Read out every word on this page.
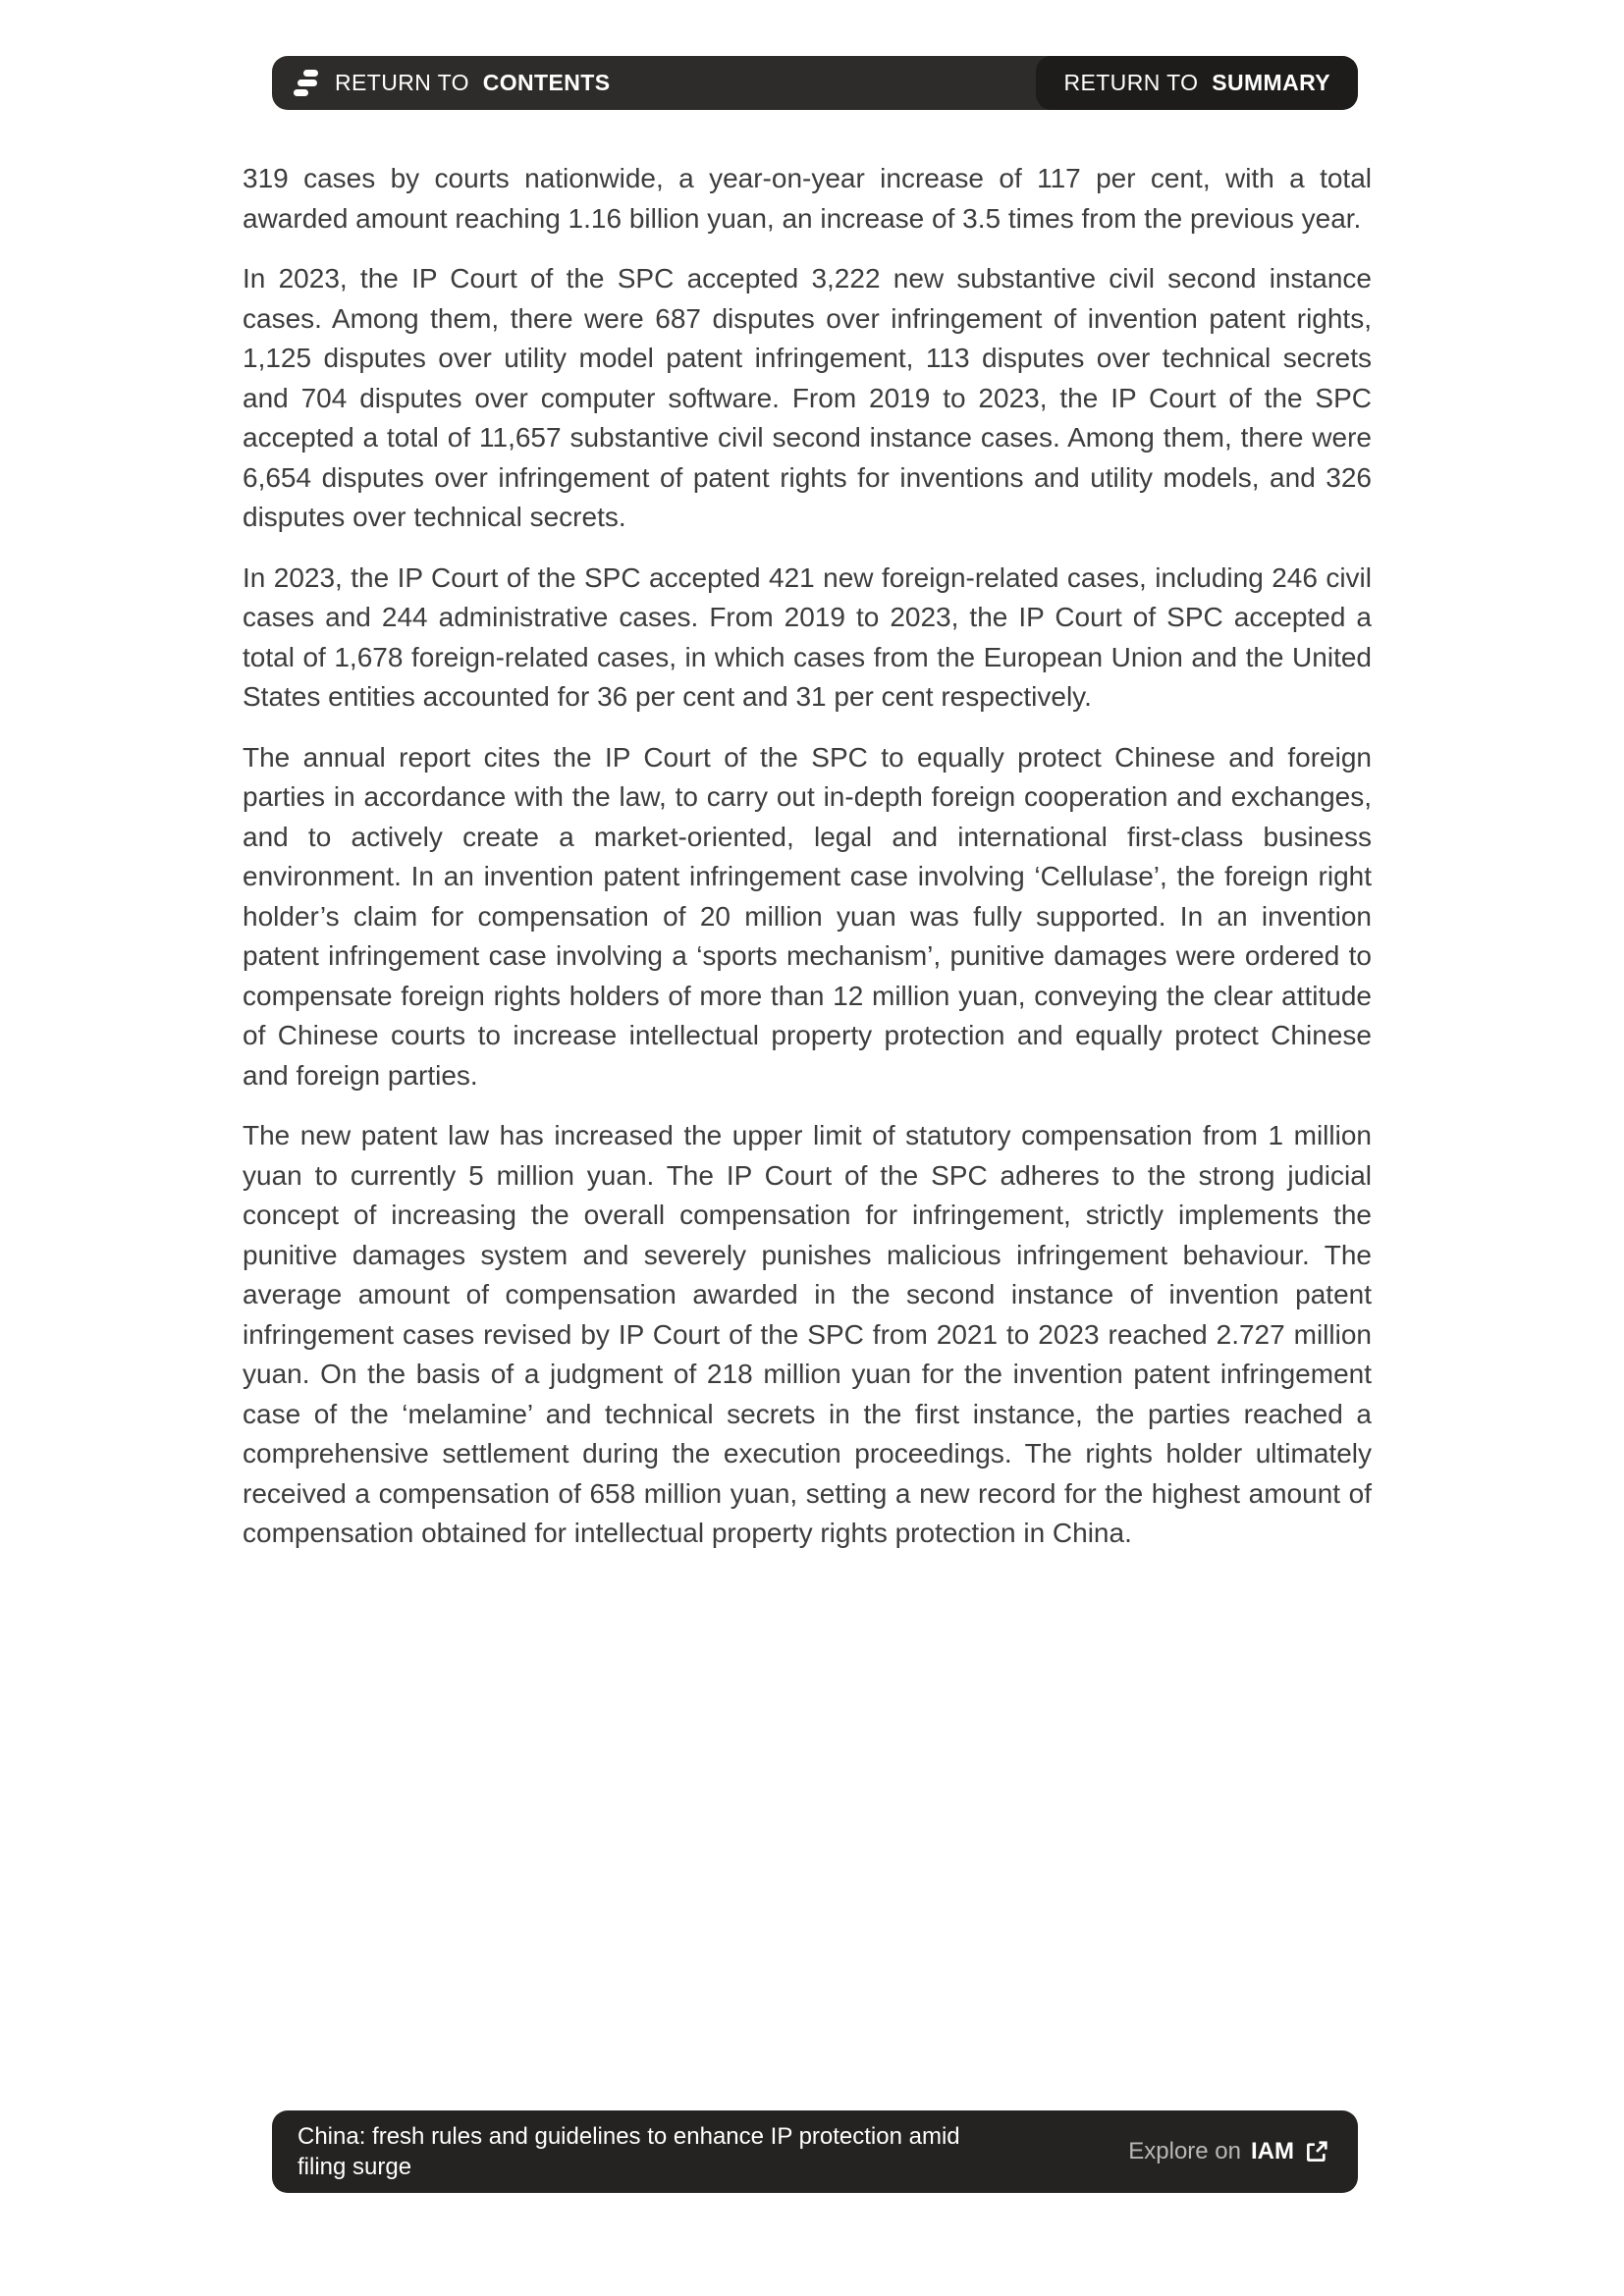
RETURN TO CONTENTS	RETURN TO SUMMARY

319 cases by courts nationwide, a year-on-year increase of 117 per cent, with a total awarded amount reaching 1.16 billion yuan, an increase of 3.5 times from the previous year.

In 2023, the IP Court of the SPC accepted 3,222 new substantive civil second instance cases. Among them, there were 687 disputes over infringement of invention patent rights, 1,125 disputes over utility model patent infringement, 113 disputes over technical secrets and 704 disputes over computer software. From 2019 to 2023, the IP Court of the SPC accepted a total of 11,657 substantive civil second instance cases. Among them, there were 6,654 disputes over infringement of patent rights for inventions and utility models, and 326 disputes over technical secrets.

In 2023, the IP Court of the SPC accepted 421 new foreign-related cases, including 246 civil cases and 244 administrative cases. From 2019 to 2023, the IP Court of SPC accepted a total of 1,678 foreign-related cases, in which cases from the European Union and the United States entities accounted for 36 per cent and 31 per cent respectively.

The annual report cites the IP Court of the SPC to equally protect Chinese and foreign parties in accordance with the law, to carry out in-depth foreign cooperation and exchanges, and to actively create a market-oriented, legal and international first-class business environment. In an invention patent infringement case involving ‘Cellulase’, the foreign right holder’s claim for compensation of 20 million yuan was fully supported. In an invention patent infringement case involving a ‘sports mechanism’, punitive damages were ordered to compensate foreign rights holders of more than 12 million yuan, conveying the clear attitude of Chinese courts to increase intellectual property protection and equally protect Chinese and foreign parties.

The new patent law has increased the upper limit of statutory compensation from 1 million yuan to currently 5 million yuan. The IP Court of the SPC adheres to the strong judicial concept of increasing the overall compensation for infringement, strictly implements the punitive damages system and severely punishes malicious infringement behaviour. The average amount of compensation awarded in the second instance of invention patent infringement cases revised by IP Court of the SPC from 2021 to 2023 reached 2.727 million yuan. On the basis of a judgment of 218 million yuan for the invention patent infringement case of the ‘melamine’ and technical secrets in the first instance, the parties reached a comprehensive settlement during the execution proceedings. The rights holder ultimately received a compensation of 658 million yuan, setting a new record for the highest amount of compensation obtained for intellectual property rights protection in China.

China: fresh rules and guidelines to enhance IP protection amid filing surge
Explore on IAM
